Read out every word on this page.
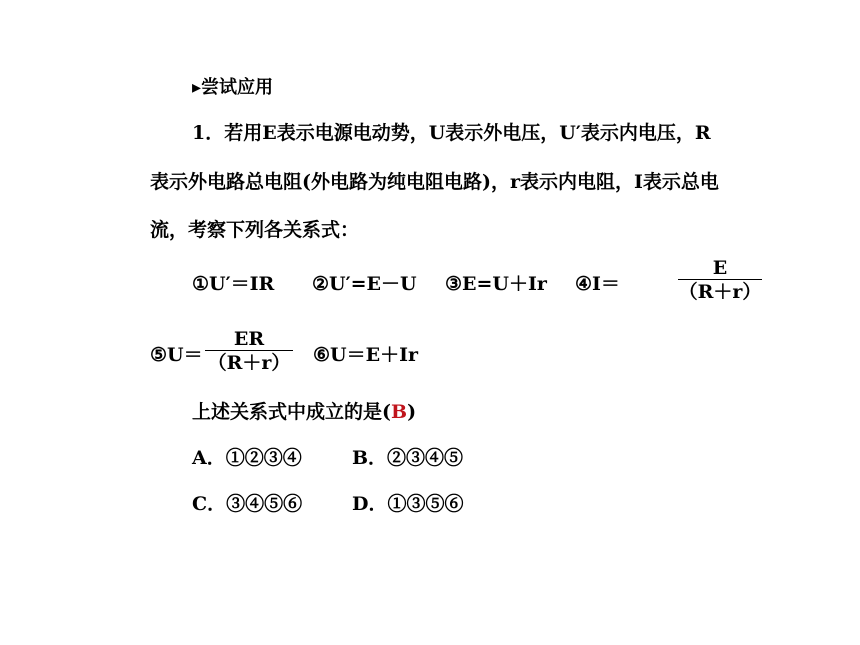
▸尝试应用
1．若用E表示电源电动势，U表示外电压，U′表示内电压，R
表示外电路总电阻(外电路为纯电阻电路)，r表示内电阻，I表示总电
流，考察下列各关系式：
①U′＝IR ②U′=E－U ③E=U＋Ir ④I＝
E
（R＋r）
⑤U＝
ER
（R＋r） ⑥U＝E＋Ir
上述关系式中成立的是(B)
A．①②③④	B．②③④⑤
C．③④⑤⑥	D．①③⑤⑥
